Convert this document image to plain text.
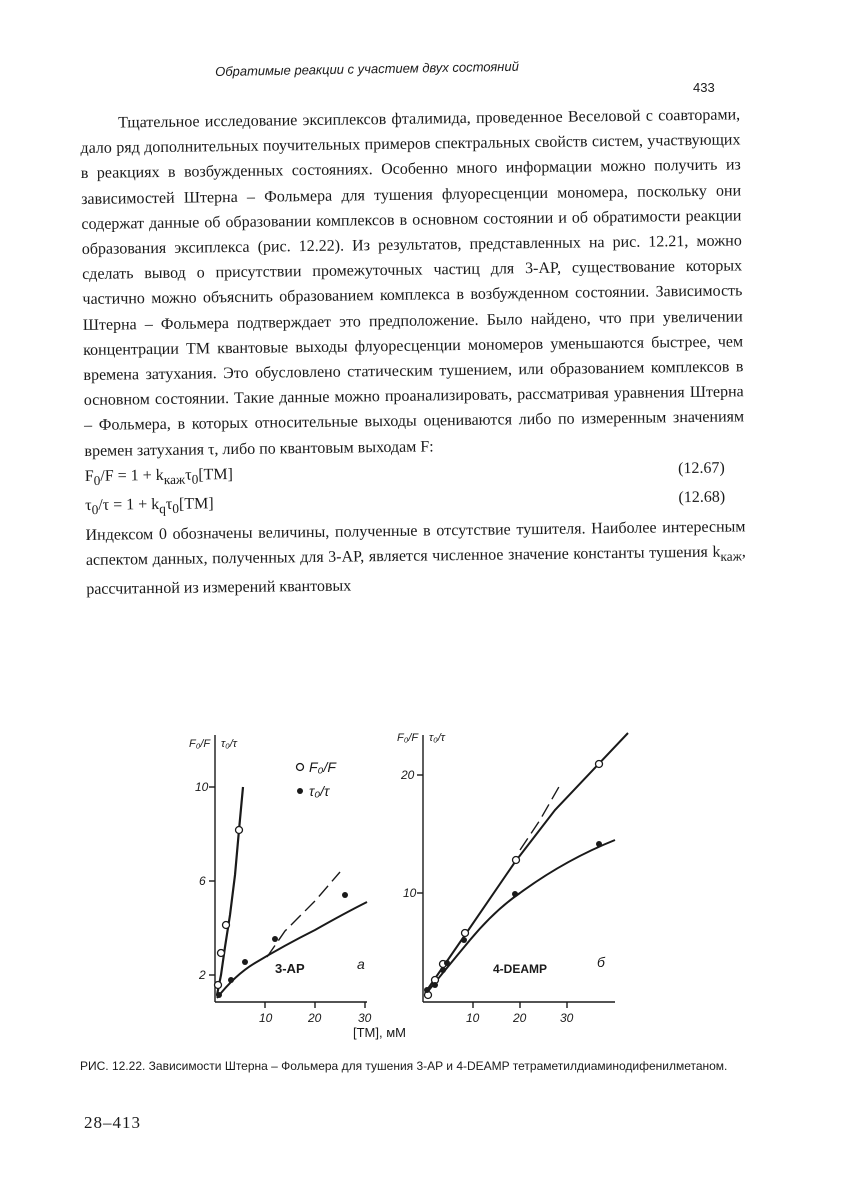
Обратимые реакции с участием двух состояний
433

Тщательное исследование эксиплексов фталимида, проведенное Веселовой с соавторами, дало ряд дополнительных поучительных примеров спектральных свойств систем, участвующих в реакциях в возбужденных состояниях. Особенно много информации можно получить из зависимостей Штерна – Фольмера для тушения флуоресценции мономера, поскольку они содержат данные об образовании комплексов в основном состоянии и об обратимости реакции образования эксиплекса (рис. 12.22). Из результатов, представленных на рис. 12.21, можно сделать вывод о присутствии промежуточных частиц для 3-AP, существование которых частично можно объяснить образованием комплекса в возбужденном состоянии. Зависимость Штерна – Фольмера подтверждает это предположение. Было найдено, что при увеличении концентрации TM квантовые выходы флуоресценции мономеров уменьшаются быстрее, чем времена затухания. Это обусловлено статическим тушением, или образованием комплексов в основном состоянии. Такие данные можно проанализировать, рассматривая уравнения Штерна – Фольмера, в которых относительные выходы оцениваются либо по измеренным значениям времен затухания τ, либо по квантовым выходам F:

$F_0/F = 1 + k_{каж}\tau_0[TM]$	(12.67)
$\tau_0/\tau = 1 + k_q\tau_0[TM]$	(12.68)

Индексом 0 обозначены величины, полученные в отсутствие тушителя. Наиболее интересным аспектом данных, полученных для 3-AP, является численное значение константы тушения $k_{каж}$, рассчитанной из измерений квантовых

F₀/F τ₀/τ
10
6
2
10	20	30
3-AP	а
F₀/F
τ₀/τ
F₀/F τ₀/τ
20
10
10	20	30
4-DEAMP	б
[TM], мМ
РИС. 12.22. Зависимости Штерна – Фольмера для тушения 3-AP и 4-DEAMP тетраметилдиаминодифенилметаном.
28–413
